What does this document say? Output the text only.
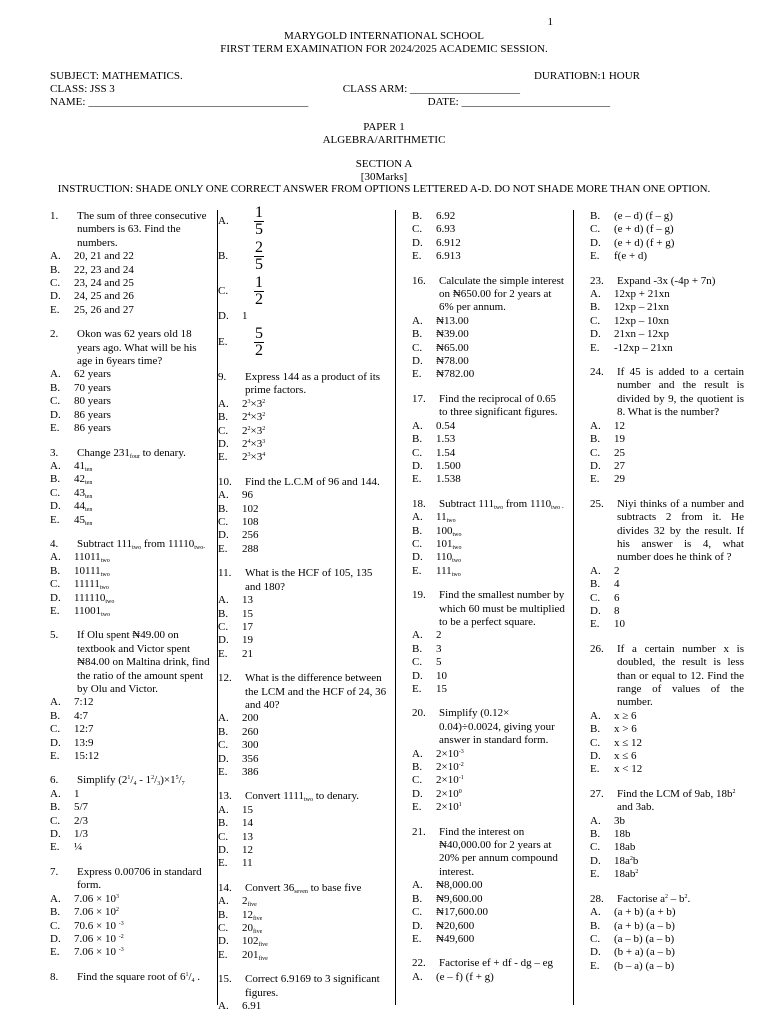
1
MARYGOLD INTERNATIONAL SCHOOL
FIRST TERM EXAMINATION FOR 2024/2025 ACADEMIC SESSION.
SUBJECT: MATHEMATICS.	DURATIOBN:1 HOUR
CLASS: JSS 3	CLASS ARM: ____________________
NAME: ________________________________________	DATE: ___________________________
PAPER 1
ALGEBRA/ARITHMETIC
SECTION A
[30Marks]
INSTRUCTION: SHADE ONLY ONE CORRECT ANSWER FROM OPTIONS LETTERED A-D. DO NOT SHADE MORE THAN ONE OPTION.
1.	The sum of three consecutive numbers is 63. Find the numbers.
A.	20, 21 and 22
B.	22, 23 and 24
C.	23, 24 and 25
D.	24, 25 and 26
E.	25, 26 and 27
2.	Okon was 62 years old 18 years ago. What will be his age in 6years time?
A.	62 years
B.	70 years
C.	80 years
D.	86 years
E.	86 years
3.	Change $231_{four}$ to denary.
A.	$41_{ten}$
B.	$42_{ten}$
C.	$43_{ten}$
D.	$44_{ten}$
E.	$45_{ten}$
4.	Subtract $111_{two}$ from $11110_{two-}$
A.	$11011_{two}$
B.	$10111_{two}$
C.	$11111_{two}$
D.	$111110_{two}$
E.	$11001_{two}$
5.	If Olu spent ₦49.00 on textbook and Victor spent ₦84.00 on Maltina drink, find the ratio of the amount spent by Olu and Victor.
A.	7:12
B.	4:7
C.	12:7
D.	13:9
E.	15:12
6.	Simplify $(2^1/_4 - 1^2/_3)\times 1^5/_7$
A.	1
B.	5/7
C.	2/3
D.	1/3
E.	¼
7.	Express 0.00706 in standard form.
A.	$7.06 \times 10^3$
B.	$7.06 \times 10^2$
C.	70.6 × 10 $^{-3}$
D.	7.06 × 10 $^{-2}$
E.	7.06 × 10 $^{-3}$
8.	Find the square root of $6^1/_4$ .
A.	$\frac{1}{5}$
B.	$\frac{2}{5}$
C.	$\frac{1}{2}$
D.	1
E.	$\frac{5}{2}$
9.	Express 144 as a product of its prime factors.
A.	$2^3\times 3^2$
B.	$2^4\times 3^2$
C.	$2^2\times 3^2$
D.	$2^4\times 3^3$
E.	$2^3\times 3^4$
10.	Find the L.C.M of 96 and 144.
A.	96
B.	102
C.	108
D.	256
E.	288
11.	What is the HCF of 105, 135 and 180?
A.	13
B.	15
C.	17
D.	19
E.	21
12.	What is the difference between the LCM and the HCF of 24, 36 and 40?
A.	200
B.	260
C.	300
D.	356
E.	386
13.	Convert $1111_{two}$ to denary.
A.	15
B.	14
C.	13
D.	12
E.	11
14.	Convert $36_{seven}$ to base five
A.	$2_{five}$
B.	$12_{five}$
C.	$20_{five}$
D.	$102_{five}$
E.	$201_{five}$
15.	Correct 6.9169 to 3 significant figures.
A.	6.91
B.	6.92
C.	6.93
D.	6.912
E.	6.913
16.	Calculate the simple interest on ₦650.00 for 2 years at 6% per annum.
A.	₦13.00
B.	₦39.00
C.	₦65.00
D.	₦78.00
E.	₦782.00
17.	Find the reciprocal of 0.65 to three significant figures.
A.	0.54
B.	1.53
C.	1.54
D.	1.500
E.	1.538
18.	Subtract $111_{two}$ from $1110_{two -}$
A.	$11_{two}$
B.	$100_{two}$
C.	$101_{two}$
D.	$110_{two}$
E.	$111_{two}$
19.	Find the smallest number by which 60 must be multiplied to be a perfect square.
A.	2
B.	3
C.	5
D.	10
E.	15
20.	Simplify (0.12× 0.04)÷0.0024, giving your answer in standard form.
A.	$2\times 10^{-3}$
B.	$2\times 10^{-2}$
C.	$2\times 10^{-1}$
D.	$2\times 10^0$
E.	$2\times 10^1$
21.	Find the interest on ₦40,000.00 for 2 years at 20% per annum compound interest.
A.	₦8,000.00
B.	₦9,600.00
C.	₦17,600.00
D.	₦20,600
E.	₦49,600
22.	Factorise ef + df - dg – eg
A.	(e – f) (f + g)
B.	(e – d) (f – g)
C.	(e + d) (f – g)
D.	(e + d) (f + g)
E.	f(e + d)
23.	Expand -3x (-4p + 7n)
A.	12xp + 21xn
B.	12xp – 21xn
C.	12xp – 10xn
D.	21xn – 12xp
E.	-12xp – 21xn
24.	If 45 is added to a certain number and the result is divided by 9, the quotient is 8. What is the number?
A.	12
B.	19
C.	25
D.	27
E.	29
25.	Niyi thinks of a number and subtracts 2 from it. He divides 32 by the result. If his answer is 4, what number does he think of ?
A.	2
B.	4
C.	6
D.	8
E.	10
26.	If a certain number x is doubled, the result is less than or equal to 12. Find the range of values of the number.
A.	x ≥ 6
B.	x > 6
C.	x ≤ 12
D.	x ≤ 6
E.	x < 12
27.	Find the LCM of 9ab, $18b^2$ and 3ab.
A.	3b
B.	18b
C.	18ab
D.	$18a^2b$
E.	$18ab^2$
28.	Factorise $a^2 - b^2$.
A.	(a + b) (a + b)
B.	(a + b) (a – b)
C.	(a – b) (a – b)
D.	(b + a) (a – b)
E.	(b – a) (a – b)
